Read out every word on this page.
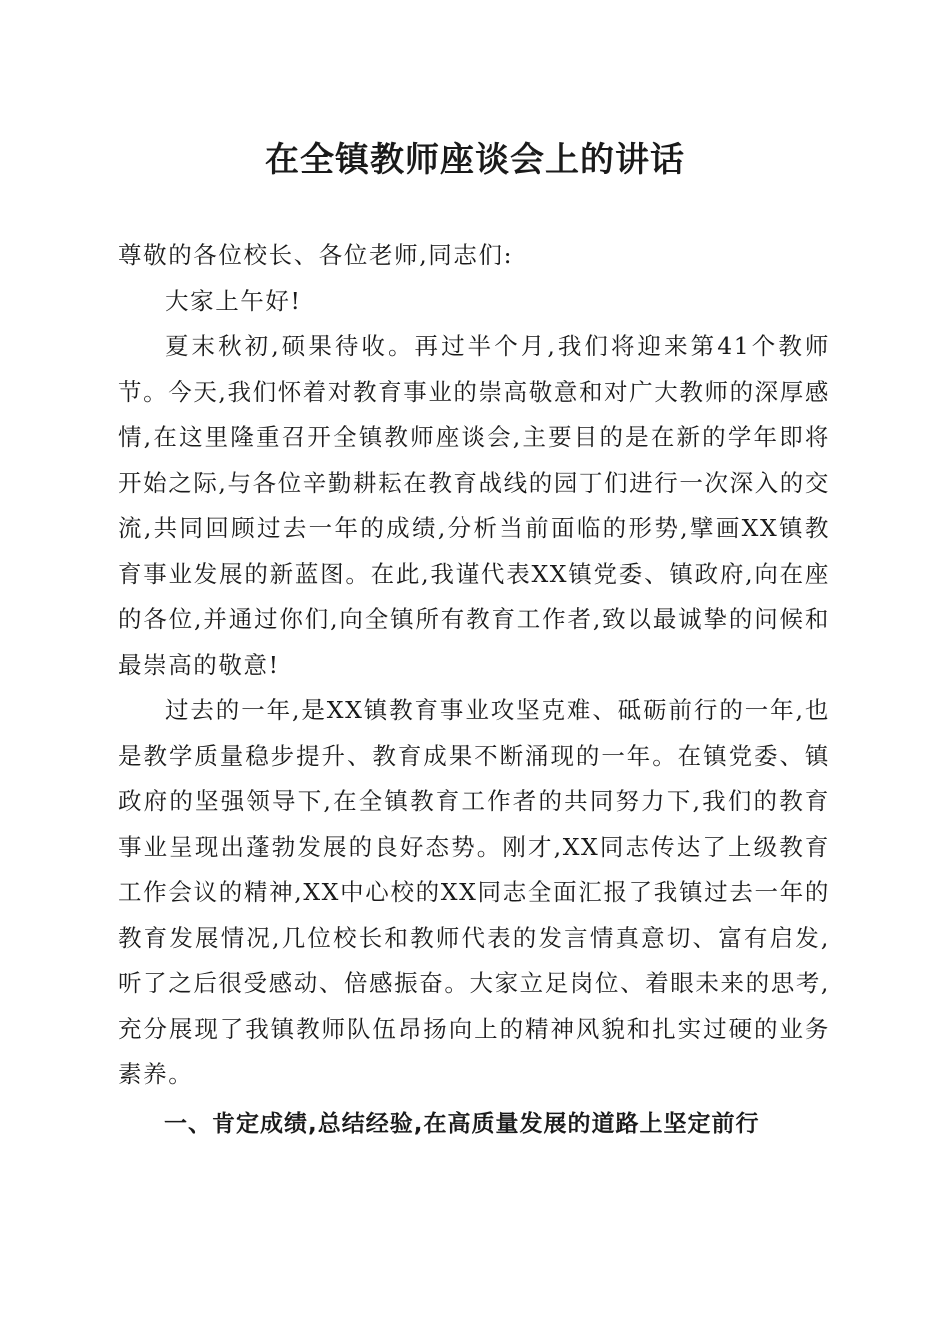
在全镇教师座谈会上的讲话

尊敬的各位校长、各位老师,同志们:

大家上午好!

夏末秋初,硕果待收。再过半个月,我们将迎来第41个教师节。今天,我们怀着对教育事业的崇高敬意和对广大教师的深厚感情,在这里隆重召开全镇教师座谈会,主要目的是在新的学年即将开始之际,与各位辛勤耕耘在教育战线的园丁们进行一次深入的交流,共同回顾过去一年的成绩,分析当前面临的形势,擘画XX镇教育事业发展的新蓝图。在此,我谨代表XX镇党委、镇政府,向在座的各位,并通过你们,向全镇所有教育工作者,致以最诚挚的问候和最崇高的敬意!

过去的一年,是XX镇教育事业攻坚克难、砥砺前行的一年,也是教学质量稳步提升、教育成果不断涌现的一年。在镇党委、镇政府的坚强领导下,在全镇教育工作者的共同努力下,我们的教育事业呈现出蓬勃发展的良好态势。刚才,XX同志传达了上级教育工作会议的精神,XX中心校的XX同志全面汇报了我镇过去一年的教育发展情况,几位校长和教师代表的发言情真意切、富有启发,听了之后很受感动、倍感振奋。大家立足岗位、着眼未来的思考,充分展现了我镇教师队伍昂扬向上的精神风貌和扎实过硬的业务素养。

一、肯定成绩,总结经验,在高质量发展的道路上坚定前行
